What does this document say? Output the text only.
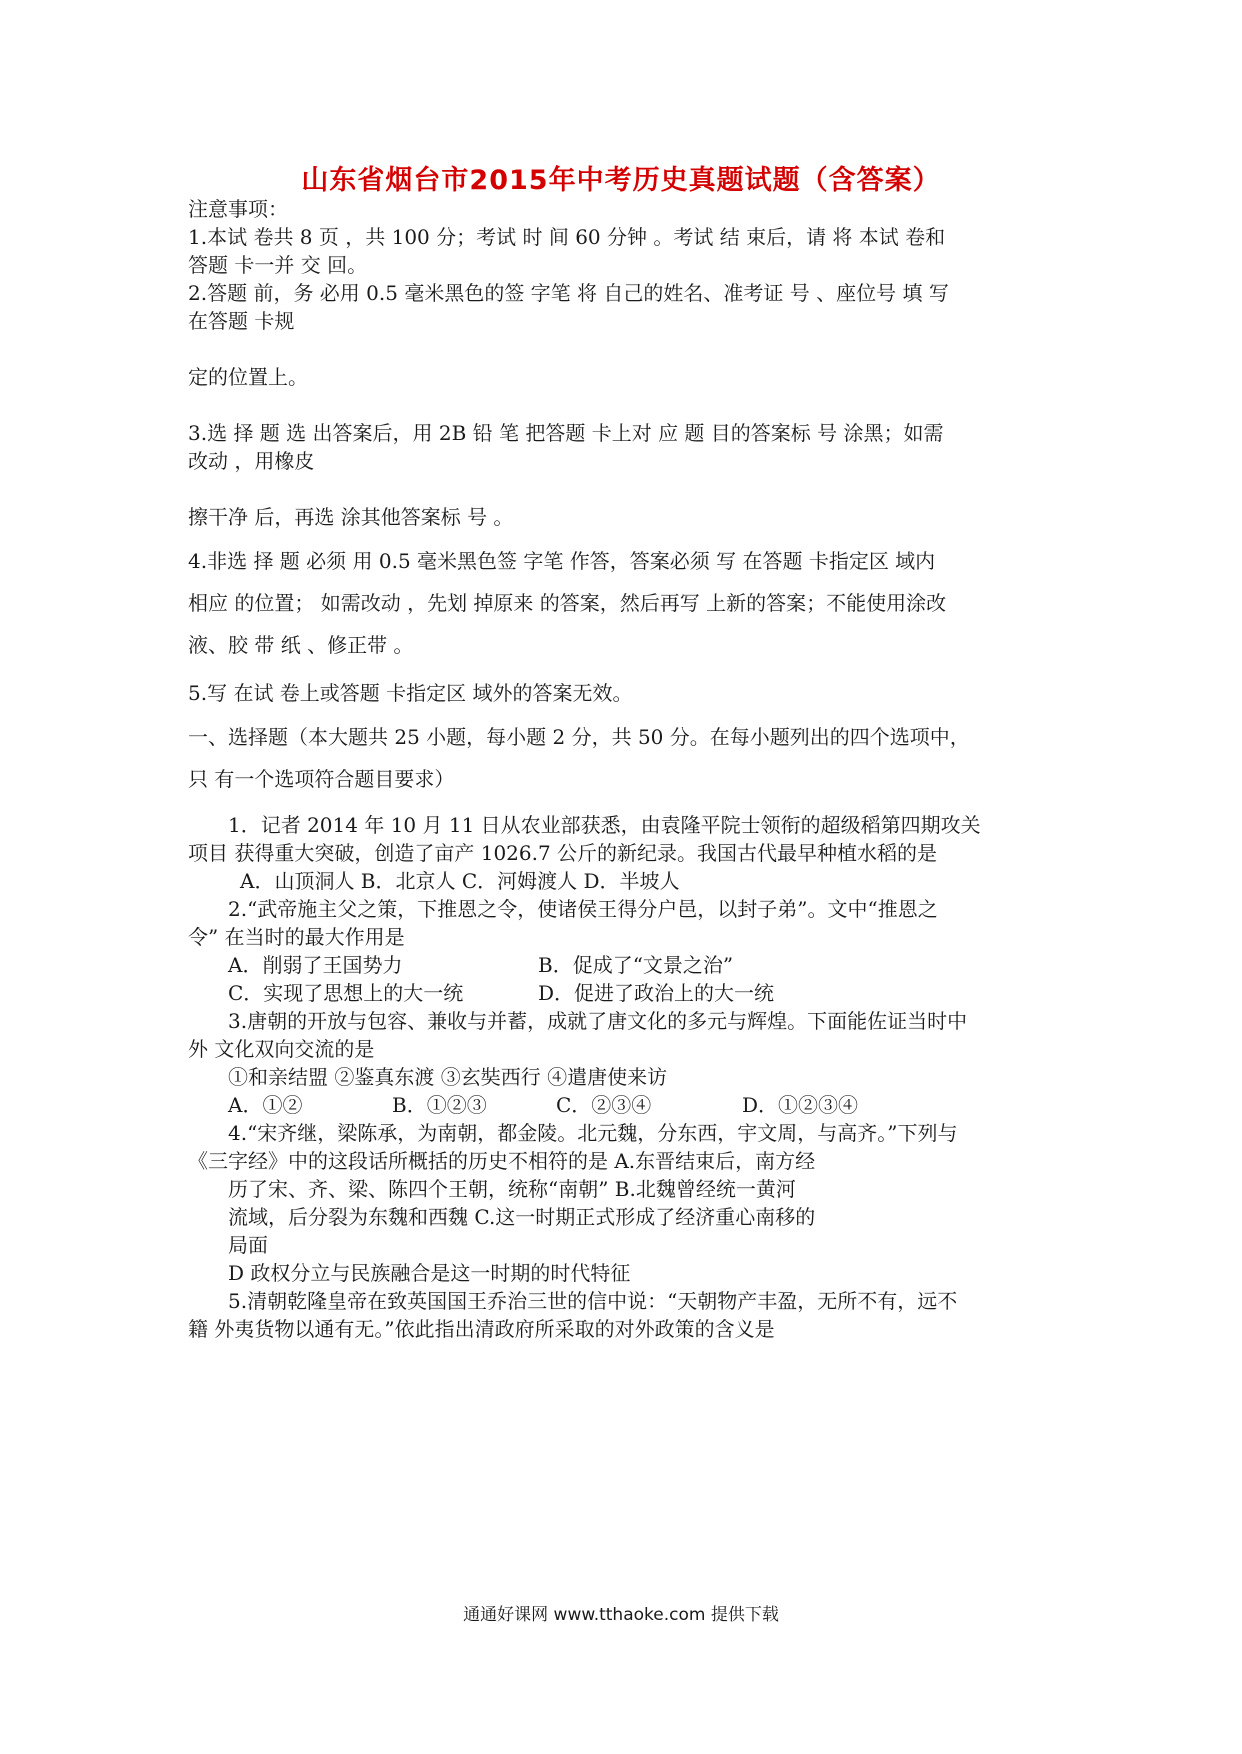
山东省烟台市2015年中考历史真题试题（含答案）
注意事项：
1.本试 卷共 8 页 ，共 100 分；考试 时 间 60 分钟 。考试 结 束后，请 将 本试 卷和
答题 卡一并 交 回。
2.答题 前，务 必用 0.5 毫米黑色的签 字笔 将 自己的姓名、准考证 号 、座位号 填 写
在答题 卡规
定的位置上。
3.选 择 题 选 出答案后，用 2B 铅 笔 把答题 卡上对 应 题 目的答案标 号 涂黑；如需
改动 ，用橡皮
擦干净 后，再选 涂其他答案标 号 。
4.非选 择 题 必须 用 0.5 毫米黑色签 字笔 作答，答案必须 写 在答题 卡指定区 域内
相应 的位置； 如需改动 ，先划 掉原来 的答案，然后再写 上新的答案；不能使用涂改
液、胶 带 纸 、修正带 。
5.写 在试 卷上或答题 卡指定区 域外的答案无效。
一、选择题（本大题共 25 小题，每小题 2 分，共 50 分。在每小题列出的四个选项中，
只 有一个选项符合题目要求）
1．记者 2014 年 10 月 11 日从农业部获悉，由袁隆平院士领衔的超级稻第四期攻关
项目 获得重大突破，创造了亩产 1026.7 公斤的新纪录。我国古代最早种植水稻的是
A．山顶洞人 B．北京人 C．河姆渡人 D．半坡人
2.“武帝施主父之策，下推恩之令，使诸侯王得分户邑，以封子弟”。文中“推恩之
令” 在当时的最大作用是
A．削弱了王国势力	B．促成了“文景之治”
C．实现了思想上的大一统	D．促进了政治上的大一统
3.唐朝的开放与包容、兼收与并蓄，成就了唐文化的多元与辉煌。下面能佐证当时中
外 文化双向交流的是
①和亲结盟 ②鉴真东渡 ③玄奘西行 ④遣唐使来访
A．①②	B．①②③	C．②③④	D．①②③④
4.“宋齐继，梁陈承，为南朝，都金陵。北元魏，分东西，宇文周，与高齐。”下列与
《三字经》中的这段话所概括的历史不相符的是 A.东晋结束后，南方经
历了宋、齐、梁、陈四个王朝，统称“南朝” B.北魏曾经统一黄河
流域，后分裂为东魏和西魏 C.这一时期正式形成了经济重心南移的
局面
D 政权分立与民族融合是这一时期的时代特征
5.清朝乾隆皇帝在致英国国王乔治三世的信中说：“天朝物产丰盈，无所不有，远不
籍 外夷货物以通有无。”依此指出清政府所采取的对外政策的含义是
通通好课网 www.tthaoke.com 提供下载
